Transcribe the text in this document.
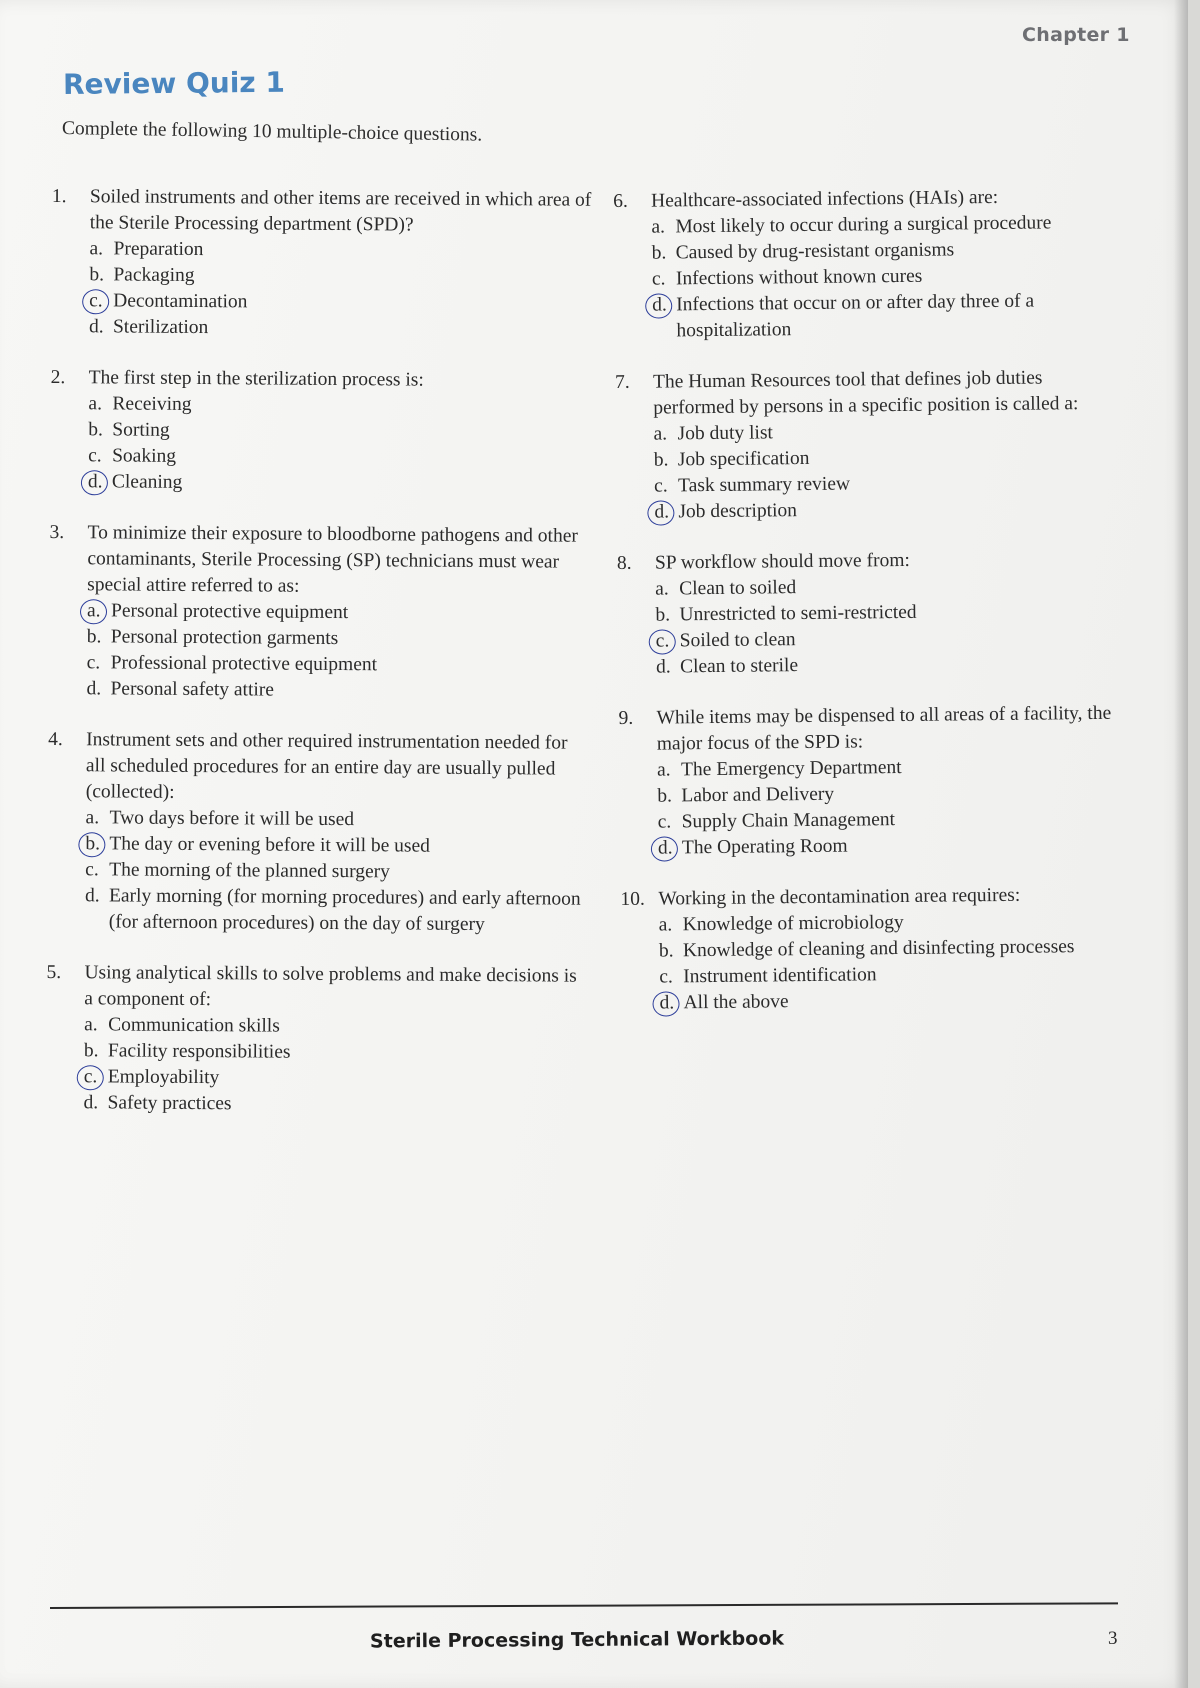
Chapter 1
Review Quiz 1
Complete the following 10 multiple-choice questions.
1.	Soiled instruments and other items are received in which area of the Sterile Processing department (SPD)?
a. Preparation
b. Packaging
c. Decontamination
d. Sterilization
2.	The first step in the sterilization process is:
a. Receiving
b. Sorting
c. Soaking
d. Cleaning
3.	To minimize their exposure to bloodborne pathogens and other contaminants, Sterile Processing (SP) technicians must wear special attire referred to as:
a. Personal protective equipment
b. Personal protection garments
c. Professional protective equipment
d. Personal safety attire
4.	Instrument sets and other required instrumentation needed for all scheduled procedures for an entire day are usually pulled (collected):
a. Two days before it will be used
b. The day or evening before it will be used
c. The morning of the planned surgery
d. Early morning (for morning procedures) and early afternoon (for afternoon procedures) on the day of surgery
5.	Using analytical skills to solve problems and make decisions is a component of:
a. Communication skills
b. Facility responsibilities
c. Employability
d. Safety practices
6.	Healthcare-associated infections (HAIs) are:
a. Most likely to occur during a surgical procedure
b. Caused by drug-resistant organisms
c. Infections without known cures
d. Infections that occur on or after day three of a hospitalization
7.	The Human Resources tool that defines job duties performed by persons in a specific position is called a:
a. Job duty list
b. Job specification
c. Task summary review
d. Job description
8.	SP workflow should move from:
a. Clean to soiled
b. Unrestricted to semi-restricted
c. Soiled to clean
d. Clean to sterile
9.	While items may be dispensed to all areas of a facility, the major focus of the SPD is:
a. The Emergency Department
b. Labor and Delivery
c. Supply Chain Management
d. The Operating Room
10. Working in the decontamination area requires:
a. Knowledge of microbiology
b. Knowledge of cleaning and disinfecting processes
c. Instrument identification
d. All the above
Sterile Processing Technical Workbook	3
